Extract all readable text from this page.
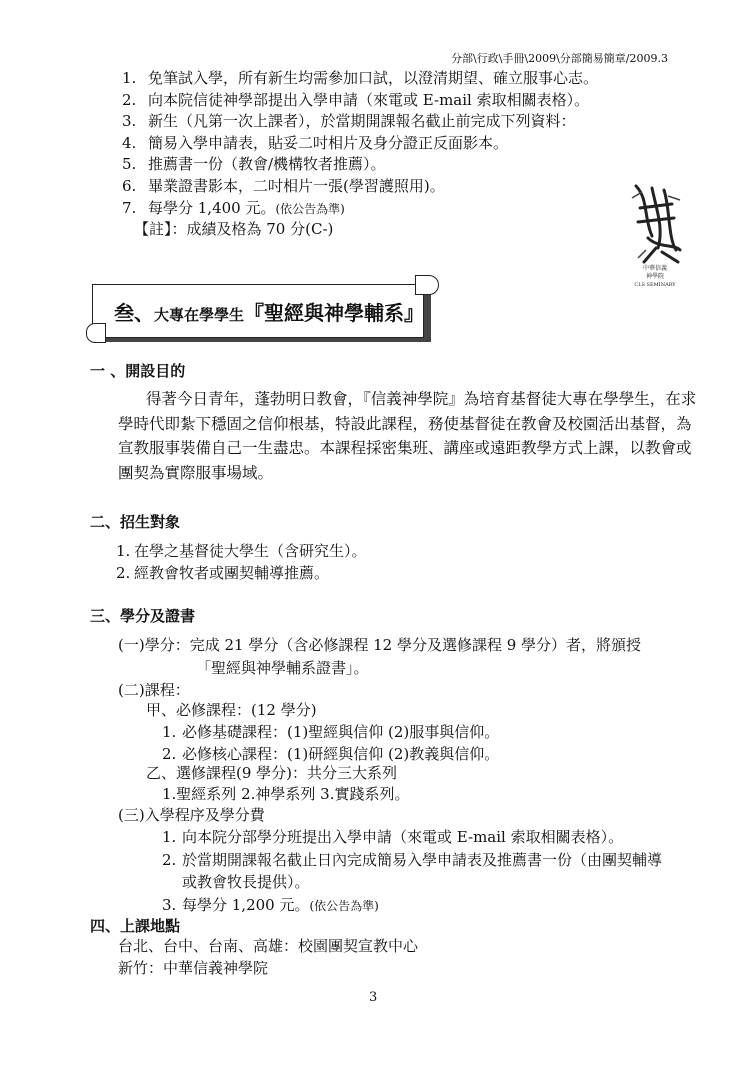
分部\行政\手冊\2009\分部簡易簡章/2009.3
1. 免筆試入學，所有新生均需參加口試，以澄清期望、確立服事心志。
2. 向本院信徒神學部提出入學申請（來電或 E-mail 索取相關表格）。
3. 新生（凡第一次上課者），於當期開課報名截止前完成下列資料：
4. 簡易入學申請表，貼妥二吋相片及身分證正反面影本。
5. 推薦書一份（教會/機構牧者推薦）。
6. 畢業證書影本，二吋相片一張(學習護照用)。
7. 每學分 1,400 元。(依公告為準)
【註】：成績及格為 70 分(C-)
中華信義
神學院
CLS SEMINARY
叁、大專在學學生『聖經與神學輔系』
一 、開設目的
得著今日青年，蓬勃明日教會，『信義神學院』為培育基督徒大專在學學生，在求
學時代即紮下穩固之信仰根基，特設此課程，務使基督徒在教會及校園活出基督，為
宣教服事裝備自己一生盡忠。本課程採密集班、講座或遠距教學方式上課，以教會或
團契為實際服事場域。
二、招生對象
1. 在學之基督徒大學生（含研究生）。
2. 經教會牧者或團契輔導推薦。
三、學分及證書
(一)學分：完成 21 學分（含必修課程 12 學分及選修課程 9 學分）者，將頒授
「聖經與神學輔系證書」。
(二)課程：
甲、必修課程：(12 學分)
1. 必修基礎課程：(1)聖經與信仰 (2)服事與信仰。
2. 必修核心課程：(1)研經與信仰 (2)教義與信仰。
乙、選修課程(9 學分)：共分三大系列
1.聖經系列 2.神學系列 3.實踐系列。
(三)入學程序及學分費
1. 向本院分部學分班提出入學申請（來電或 E-mail 索取相關表格）。
2. 於當期開課報名截止日內完成簡易入學申請表及推薦書一份（由團契輔導
或教會牧長提供）。
3. 每學分 1,200 元。(依公告為準)
四、上課地點
台北、台中、台南、高雄：校園團契宣教中心
新竹：中華信義神學院
3
